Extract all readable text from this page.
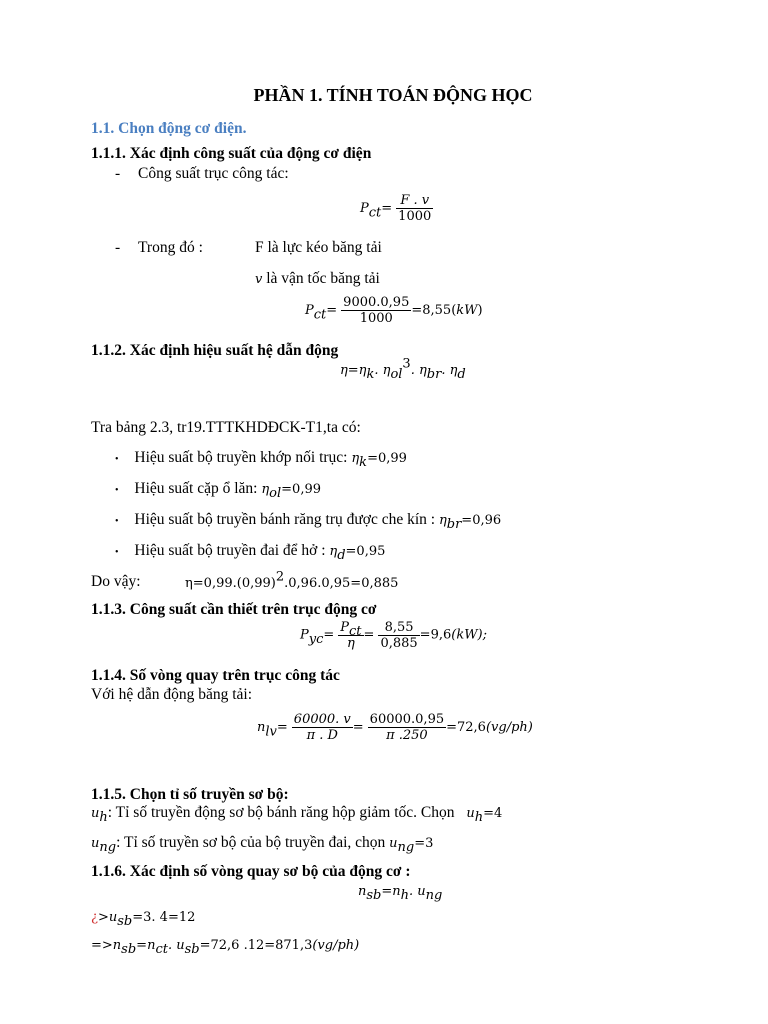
PHẦN 1. TÍNH TOÁN ĐỘNG HỌC
1.1. Chọn động cơ điện.
1.1.1. Xác định công suất của động cơ điện
- Công suất trục công tác:
$P_{ct}= \frac{F . v}{1000}$
- Trong đó :	F là lực kéo băng tải
v là vận tốc băng tải
$P_{ct}= \frac{9000.0,95}{1000} =8,55(kW)$
1.1.2. Xác định hiệu suất hệ dẫn động
$\eta=\eta_k$. $\eta_{ol}^3$. $\eta_{br}$. $\eta_d$
Tra bảng 2.3, tr19.TTTKHDĐCK-T1,ta có:
• Hiệu suất bộ truyền khớp nối trục: $\eta_k=0,99$
• Hiệu suất cặp ổ lăn: $\eta_{ol}=0,99$
• Hiệu suất bộ truyền bánh răng trụ được che kín : $\eta_{br}=0,96$
• Hiệu suất bộ truyền đai để hở : $\eta_d=0,95$
Do vậy:	$\eta=0,99.(0,99)^2.0,96.0,95=0,885$
1.1.3. Công suất cần thiết trên trục động cơ
$P_{yc}= \frac{P_{ct}}{\eta} = \frac{8,55}{0,885} =9,6(kW)$;
1.1.4. Số vòng quay trên trục công tác
Với hệ dẫn động băng tải:
$n_{lv}= \frac{60000. v}{\pi . D} = \frac{60000.0,95}{\pi .250} =72,6(vg/ph)$
1.1.5. Chọn tỉ số truyền sơ bộ:
$u_h$: Tỉ số truyền động sơ bộ bánh răng hộp giảm tốc. Chọn $u_h=4$
$u_{ng}$: Tỉ số truyền sơ bộ của bộ truyền đai, chọn $u_{ng}=3$
1.1.6. Xác định số vòng quay sơ bộ của động cơ :
$n_{sb}=n_h$. $u_{ng}$
¿$>u_{sb}=3$. 4=12
$=>n_{sb}=n_{ct}$. $u_{sb}=72,6$ .12=871,3(vg/ph)
